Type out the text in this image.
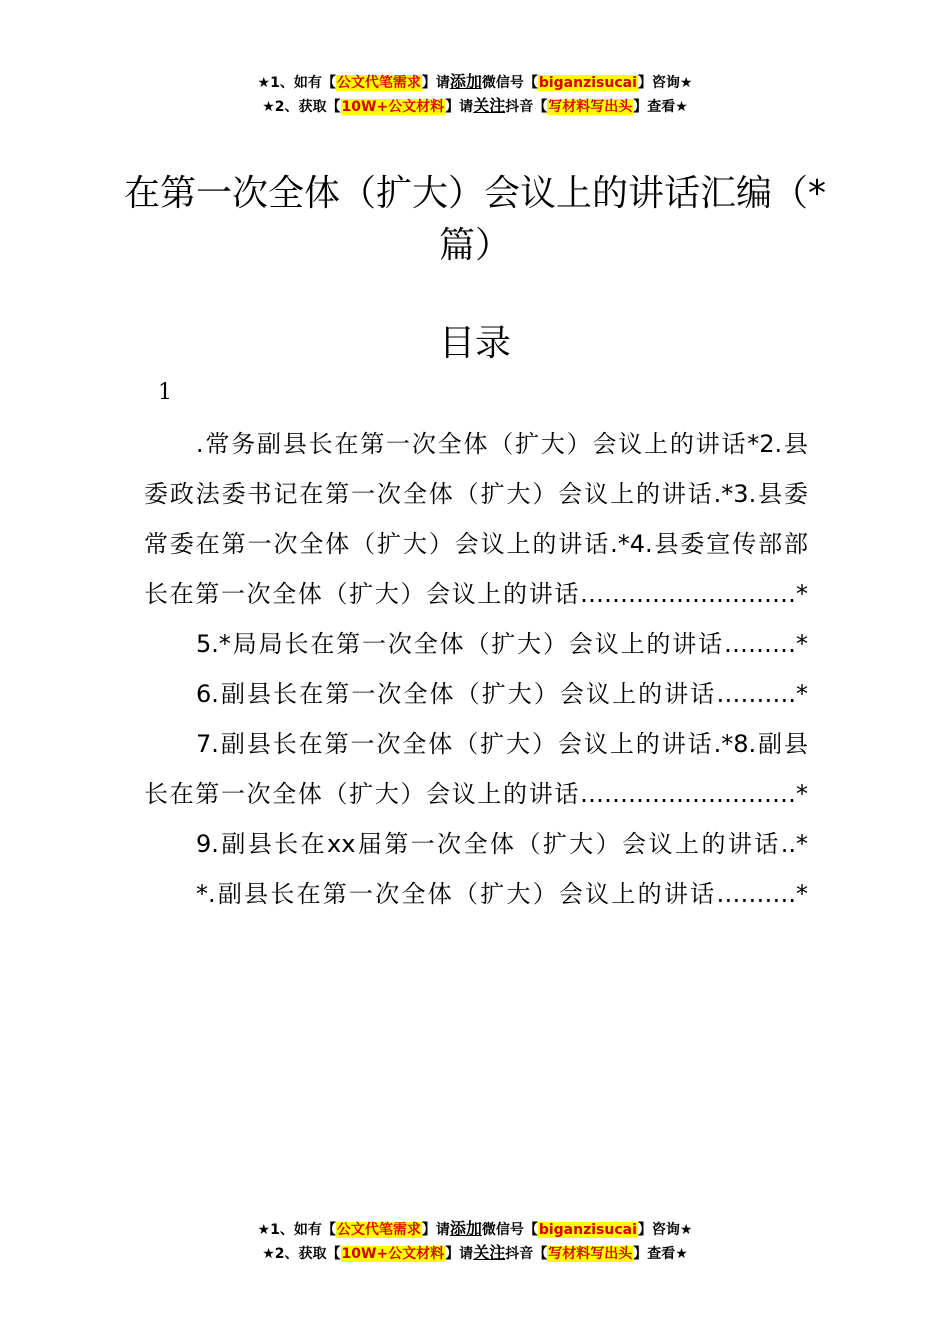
★1、如有【公文代笔需求】请添加微信号【biganzisucai】咨询★
★2、获取【10W+公文材料】请关注抖音【写材料写出头】查看★
在第一次全体（扩大）会议上的讲话汇编（*篇）
目录
1

.常务副县长在第一次全体（扩大）会议上的讲话*2.县

委政法委书记在第一次全体（扩大）会议上的讲话.*3.县委

常委在第一次全体（扩大）会议上的讲话.*4.县委宣传部部

长在第一次全体（扩大）会议上的讲话………………………*

5.*局局长在第一次全体（扩大）会议上的讲话………*

6.副县长在第一次全体（扩大）会议上的讲话……….*

7.副县长在第一次全体（扩大）会议上的讲话.*8.副县

长在第一次全体（扩大）会议上的讲话………………………*

9.副县长在xx届第一次全体（扩大）会议上的讲话..*

*.副县长在第一次全体（扩大）会议上的讲话……….*

★1、如有【公文代笔需求】请添加微信号【biganzisucai】咨询★
★2、获取【10W+公文材料】请关注抖音【写材料写出头】查看★
